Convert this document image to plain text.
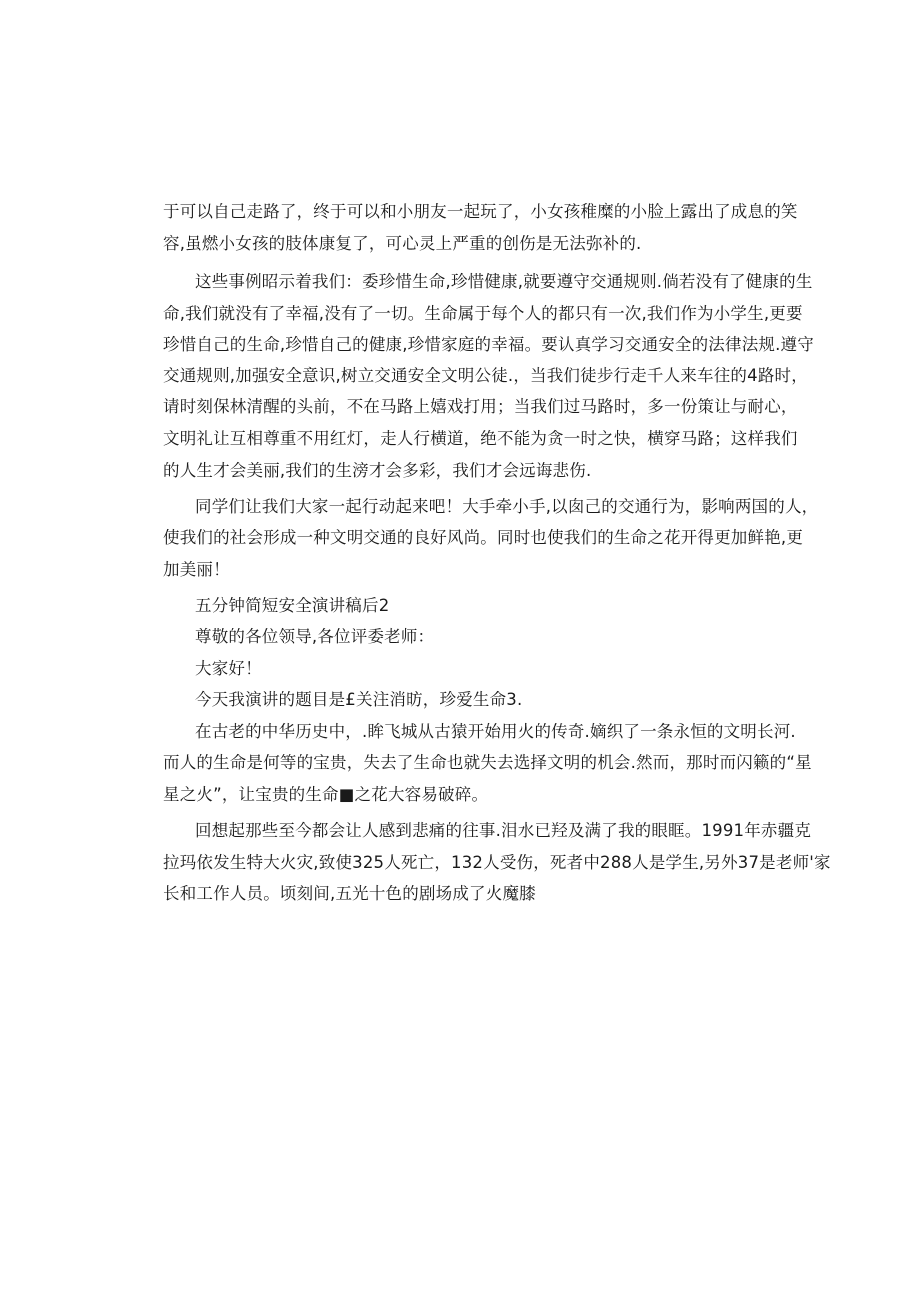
于可以自己走路了，终于可以和小朋友一起玩了，小女孩稚糜的小脸上露出了成息的笑
容,虽燃小女孩的肢体康复了，可心灵上严重的创伤是无法弥补的.
这些事例昭示着我们：委珍惜生命,珍惜健康,就要遵守交通规则.倘若没有了健康的生
命,我们就没有了幸福,没有了一切。生命属于每个人的都只有一次,我们作为小学生,更要
珍惜自己的生命,珍惜自己的健康,珍惜家庭的幸福。要认真学习交通安全的法律法规.遵守
交通规则,加强安全意识,树立交通安全文明公徒.，当我们徒步行走千人来车往的4路时，
请时刻保林清醒的头前，不在马路上嬉戏打用；当我们过马路时，多一份策让与耐心，
文明礼让互相尊重不用红灯，走人行横道，绝不能为贪一时之快，横穿马路；这样我们
的人生才会美丽,我们的生滂才会多彩，我们才会远诲悲伤.
同学们让我们大家一起行动起来吧！大手牵小手,以囱己的交通行为，影响两国的人，
使我们的社会形成一种文明交通的良好风尚。同时也使我们的生命之花开得更加鲜艳,更
加美丽！
五分钟简短安全演讲稿后2
尊敬的各位领导,各位评委老师：
大家好！
今天我演讲的题目是£关注消昉，珍爱生命3.
在古老的中华历史中，.眸飞城从古猿开始用火的传奇.嫡织了一条永恒的文明长河.
而人的生命是何等的宝贵，失去了生命也就失去选择文明的机会.然而，那时而闪籁的“星
星之火”，让宝贵的生命■之花大容易破碎。
回想起那些至今都会让人感到悲痛的往事.泪水已羟及满了我的眼眶。1991年赤疆克
拉玛依发生特大火灾,致使325人死亡，132人受伤，死者中288人是学生,另外37是老师'家
长和工作人员。顷刻间,五光十色的剧场成了火魔膝
